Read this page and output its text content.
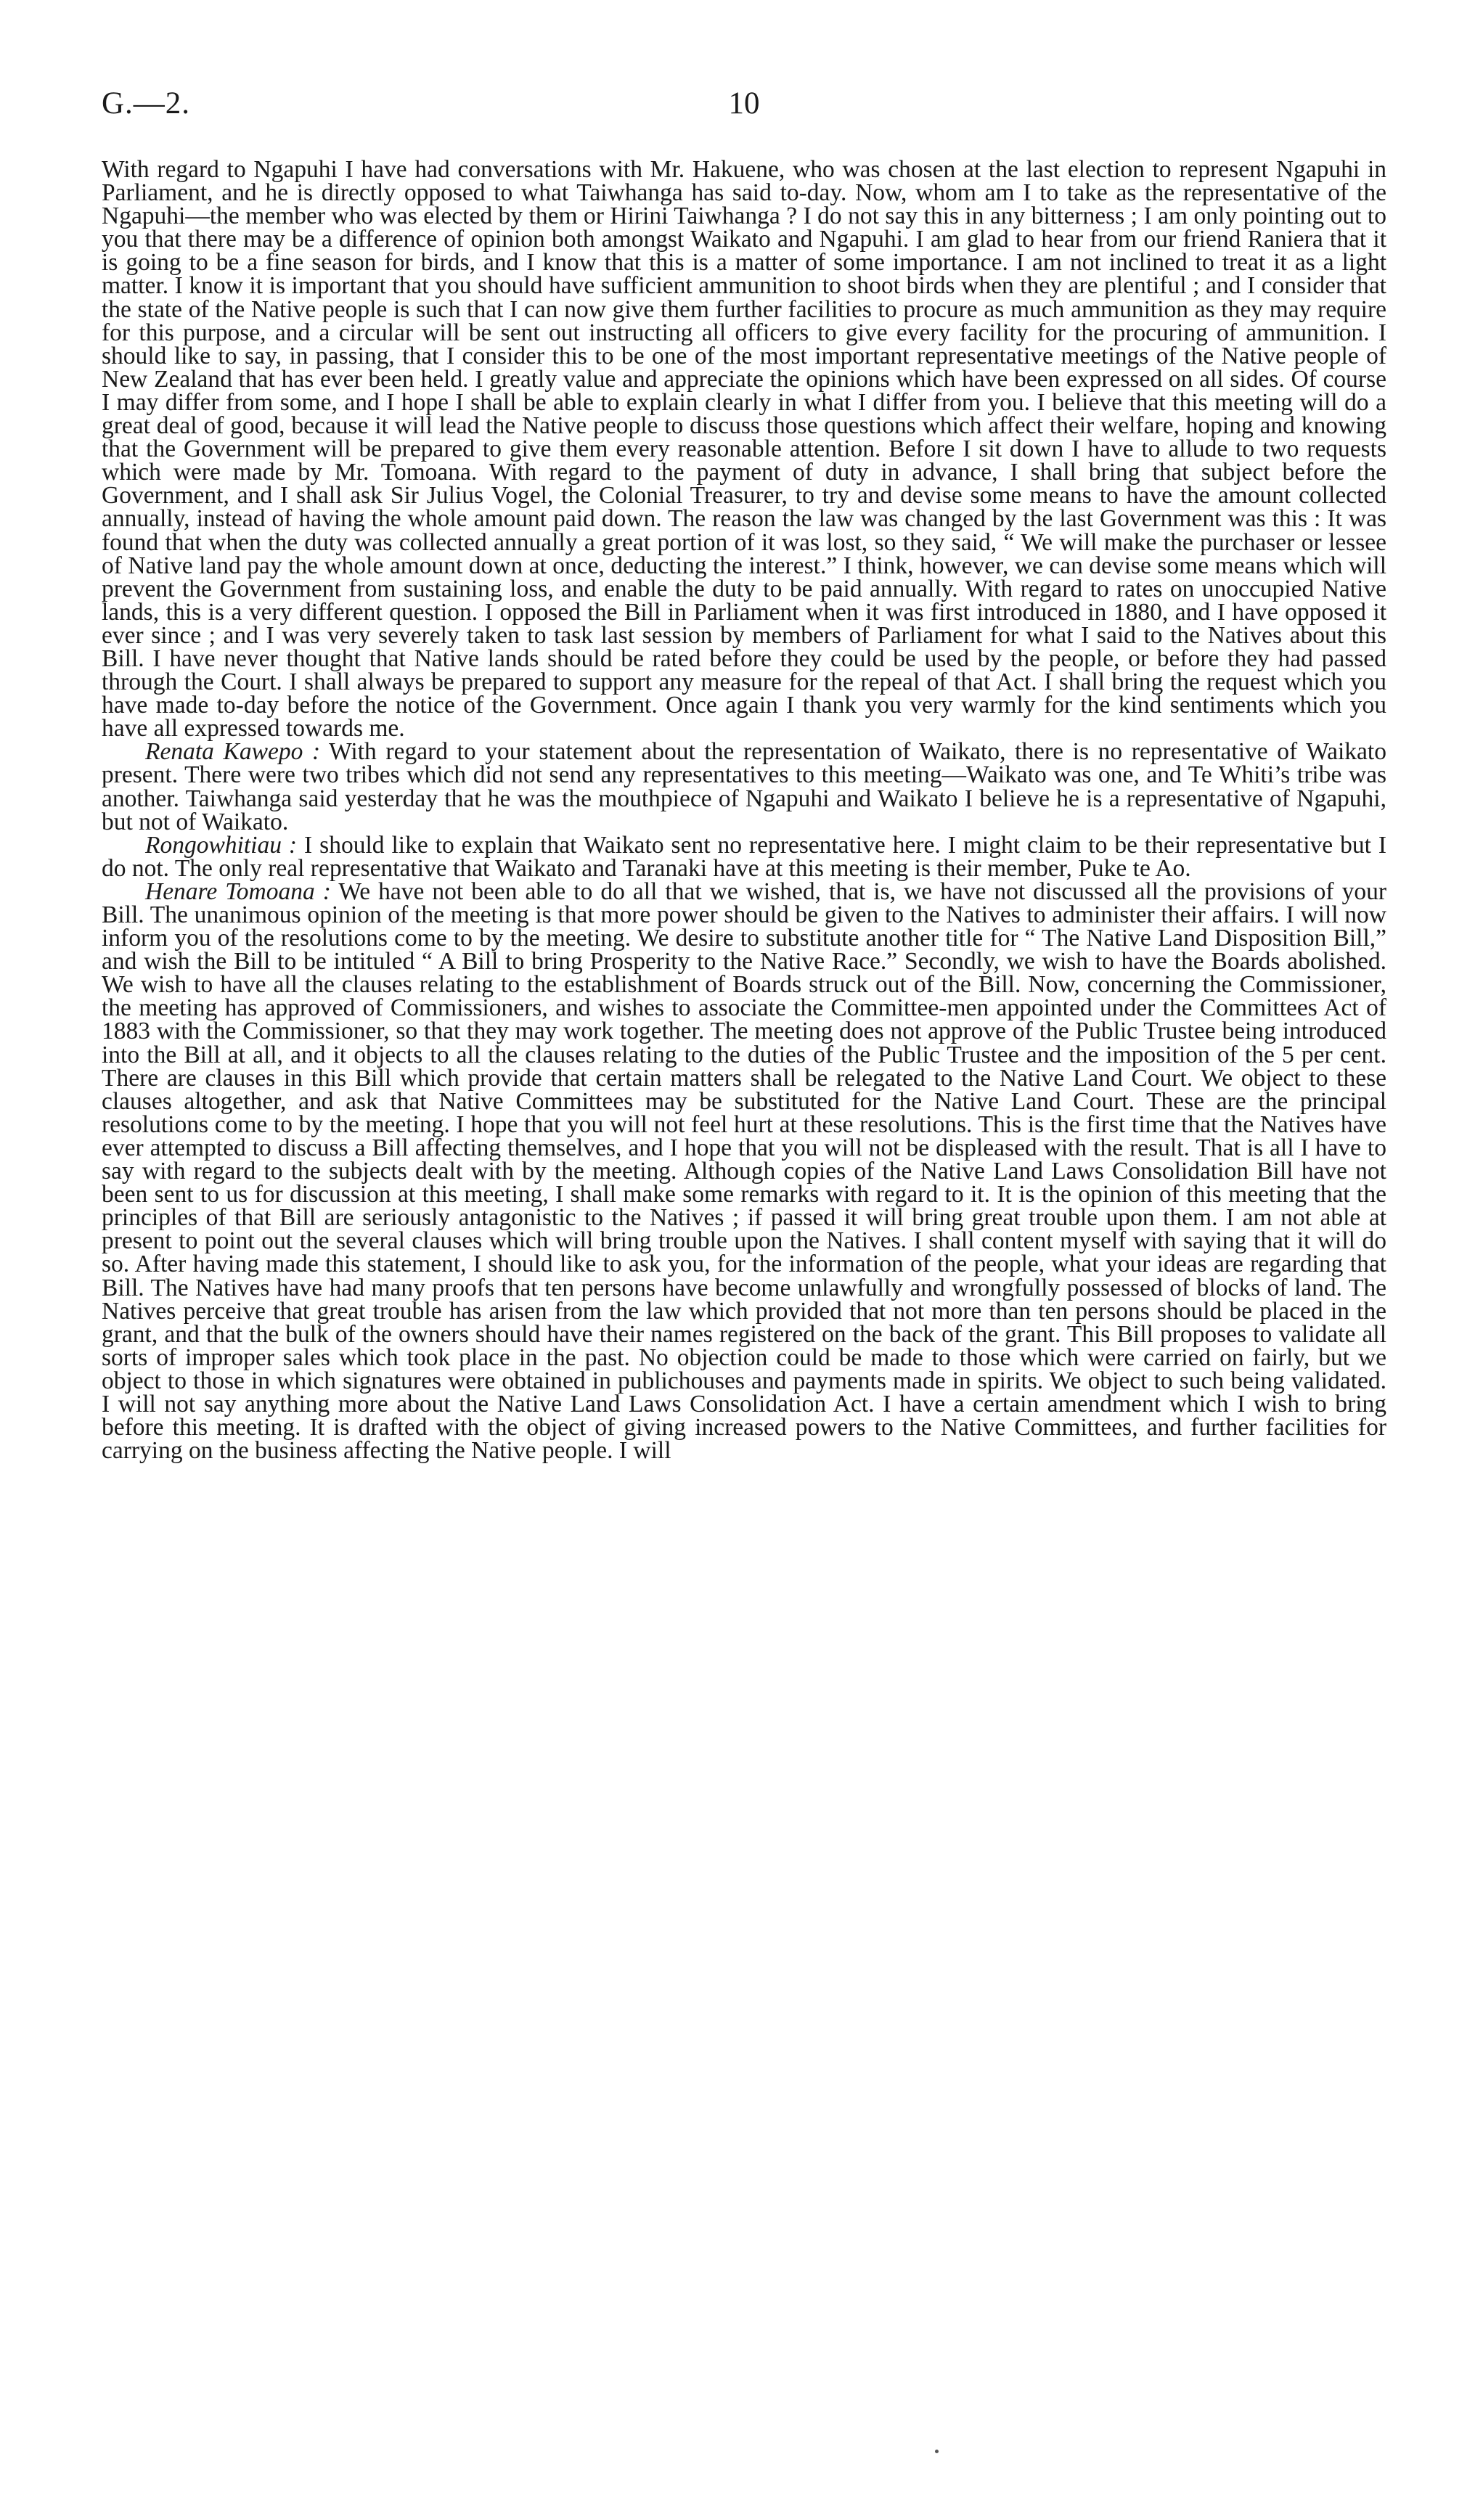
G.—2.	10

With regard to Ngapuhi I have had conversations with Mr. Hakuene, who was chosen at the last election to represent Ngapuhi in Parliament, and he is directly opposed to what Taiwhanga has said to-day. Now, whom am I to take as the representative of the Ngapuhi—the member who was elected by them or Hirini Taiwhanga ? I do not say this in any bitterness ; I am only pointing out to you that there may be a difference of opinion both amongst Waikato and Ngapuhi. I am glad to hear from our friend Raniera that it is going to be a fine season for birds, and I know that this is a matter of some importance. I am not inclined to treat it as a light matter. I know it is important that you should have sufficient ammunition to shoot birds when they are plentiful ; and I consider that the state of the Native people is such that I can now give them further facilities to procure as much ammunition as they may require for this purpose, and a circular will be sent out instructing all officers to give every facility for the procuring of ammunition. I should like to say, in passing, that I consider this to be one of the most important representative meetings of the Native people of New Zealand that has ever been held. I greatly value and appreciate the opinions which have been expressed on all sides. Of course I may differ from some, and I hope I shall be able to explain clearly in what I differ from you. I believe that this meeting will do a great deal of good, because it will lead the Native people to discuss those questions which affect their welfare, hoping and knowing that the Government will be prepared to give them every reasonable attention. Before I sit down I have to allude to two requests which were made by Mr. Tomoana. With regard to the payment of duty in advance, I shall bring that subject before the Government, and I shall ask Sir Julius Vogel, the Colonial Treasurer, to try and devise some means to have the amount collected annually, instead of having the whole amount paid down. The reason the law was changed by the last Government was this : It was found that when the duty was collected annually a great portion of it was lost, so they said, “ We will make the purchaser or lessee of Native land pay the whole amount down at once, deducting the interest.” I think, however, we can devise some means which will prevent the Government from sustaining loss, and enable the duty to be paid annually. With regard to rates on unoccupied Native lands, this is a very different question. I opposed the Bill in Parliament when it was first introduced in 1880, and I have opposed it ever since ; and I was very severely taken to task last session by members of Parliament for what I said to the Natives about this Bill. I have never thought that Native lands should be rated before they could be used by the people, or before they had passed through the Court. I shall always be prepared to support any measure for the repeal of that Act. I shall bring the request which you have made to-day before the notice of the Government. Once again I thank you very warmly for the kind sentiments which you have all expressed towards me.

Renata Kawepo : With regard to your statement about the representation of Waikato, there is no representative of Waikato present. There were two tribes which did not send any representatives to this meeting—Waikato was one, and Te Whiti’s tribe was another. Taiwhanga said yesterday that he was the mouthpiece of Ngapuhi and Waikato I believe he is a representative of Ngapuhi, but not of Waikato.

Rongowhitiau : I should like to explain that Waikato sent no representative here. I might claim to be their representative but I do not. The only real representative that Waikato and Taranaki have at this meeting is their member, Puke te Ao.

Henare Tomoana : We have not been able to do all that we wished, that is, we have not discussed all the provisions of your Bill. The unanimous opinion of the meeting is that more power should be given to the Natives to administer their affairs. I will now inform you of the resolutions come to by the meeting. We desire to substitute another title for “ The Native Land Disposition Bill,” and wish the Bill to be intituled “ A Bill to bring Prosperity to the Native Race.” Secondly, we wish to have the Boards abolished. We wish to have all the clauses relating to the establishment of Boards struck out of the Bill. Now, concerning the Commissioner, the meeting has approved of Commissioners, and wishes to associate the Committee-men appointed under the Committees Act of 1883 with the Commissioner, so that they may work together. The meeting does not approve of the Public Trustee being introduced into the Bill at all, and it objects to all the clauses relating to the duties of the Public Trustee and the imposition of the 5 per cent. There are clauses in this Bill which provide that certain matters shall be relegated to the Native Land Court. We object to these clauses altogether, and ask that Native Committees may be substituted for the Native Land Court. These are the principal resolutions come to by the meeting. I hope that you will not feel hurt at these resolutions. This is the first time that the Natives have ever attempted to discuss a Bill affecting themselves, and I hope that you will not be displeased with the result. That is all I have to say with regard to the subjects dealt with by the meeting. Although copies of the Native Land Laws Consolidation Bill have not been sent to us for discussion at this meeting, I shall make some remarks with regard to it. It is the opinion of this meeting that the principles of that Bill are seriously antagonistic to the Natives ; if passed it will bring great trouble upon them. I am not able at present to point out the several clauses which will bring trouble upon the Natives. I shall content myself with saying that it will do so. After having made this statement, I should like to ask you, for the information of the people, what your ideas are regarding that Bill. The Natives have had many proofs that ten persons have become unlawfully and wrongfully possessed of blocks of land. The Natives perceive that great trouble has arisen from the law which provided that not more than ten persons should be placed in the grant, and that the bulk of the owners should have their names registered on the back of the grant. This Bill proposes to validate all sorts of improper sales which took place in the past. No objection could be made to those which were carried on fairly, but we object to those in which signatures were obtained in publichouses and payments made in spirits. We object to such being validated. I will not say anything more about the Native Land Laws Consolidation Act. I have a certain amendment which I wish to bring before this meeting. It is drafted with the object of giving increased powers to the Native Committees, and further facilities for carrying on the business affecting the Native people. I will
